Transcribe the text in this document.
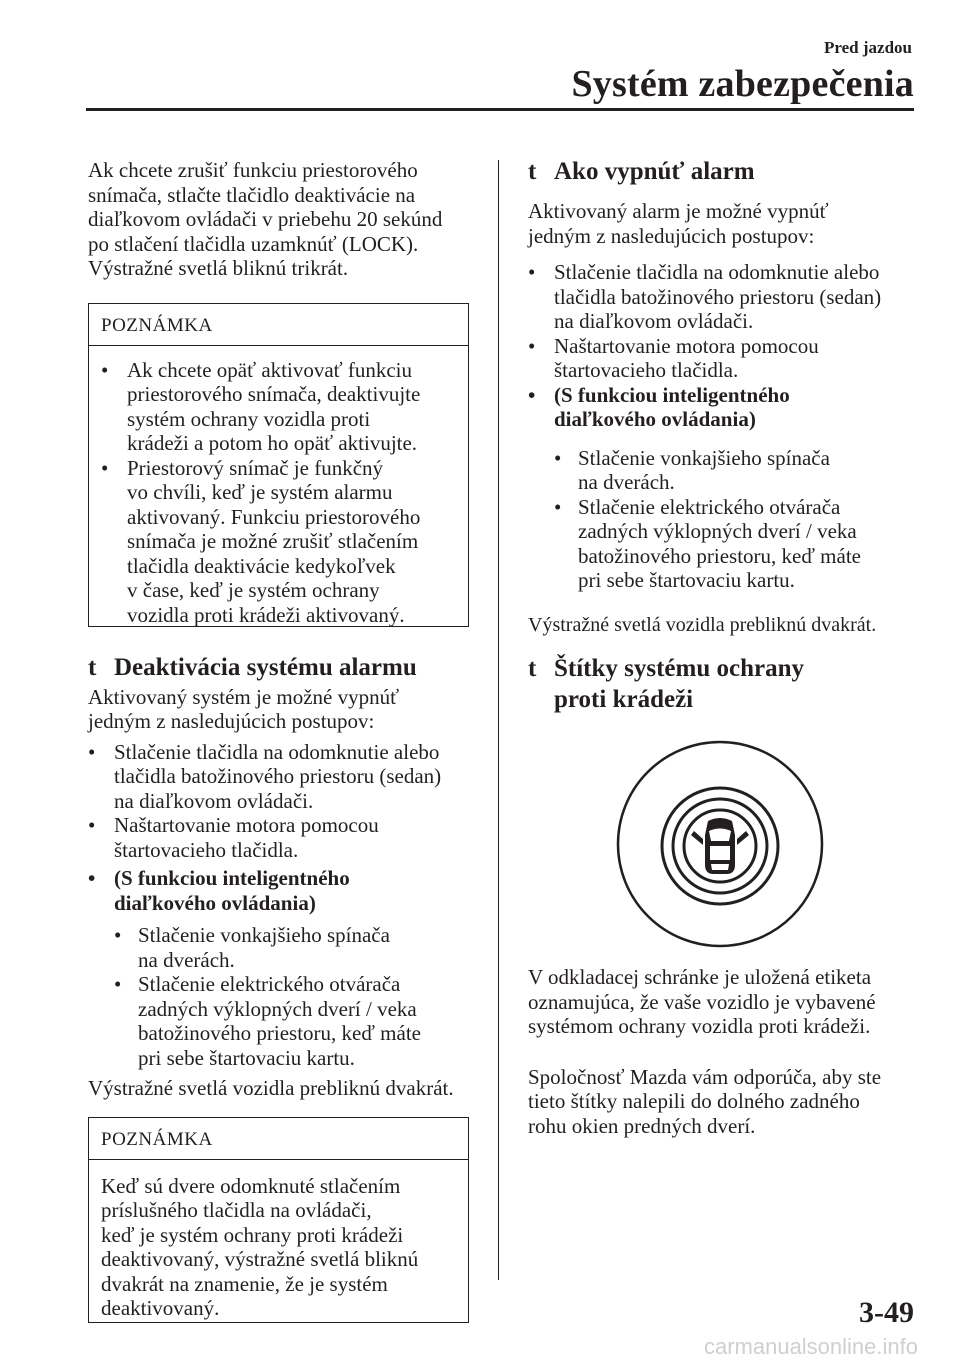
Pred jazdou
Systém zabezpečenia

Ak chcete zrušiť funkciu priestorového
snímača, stlačte tlačidlo deaktivácie na
diaľkovom ovládači v priebehu 20 sekúnd
po stlačení tlačidla uzamknúť (LOCK).
Výstražné svetlá bliknú trikrát.

POZNÁMKA
• Ak chcete opäť aktivovať funkciu
priestorového snímača, deaktivujte
systém ochrany vozidla proti
krádeži a potom ho opäť aktivujte.
• Priestorový snímač je funkčný
vo chvíli, keď je systém alarmu
aktivovaný. Funkciu priestorového
snímača je možné zrušiť stlačením
tlačidla deaktivácie kedykoľvek
v čase, keď je systém ochrany
vozidla proti krádeži aktivovaný.
t Deaktivácia systému alarmu

Aktivovaný systém je možné vypnúť
jedným z nasledujúcich postupov:

• Stlačenie tlačidla na odomknutie alebo
tlačidla batožinového priestoru (sedan)
na diaľkovom ovládači.
• Naštartovanie motora pomocou
štartovacieho tlačidla.
• (S funkciou inteligentného
diaľkového ovládania)
• Stlačenie vonkajšieho spínača
na dverách.
• Stlačenie elektrického otvárača
zadných výklopných dverí / veka
batožinového priestoru, keď máte
pri sebe štartovaciu kartu.

Výstražné svetlá vozidla prebliknú dvakrát.

POZNÁMKA
Keď sú dvere odomknuté stlačením
príslušného tlačidla na ovládači,
keď je systém ochrany proti krádeži
deaktivovaný, výstražné svetlá bliknú
dvakrát na znamenie, že je systém
deaktivovaný.
t Ako vypnúť alarm

Aktivovaný alarm je možné vypnúť
jedným z nasledujúcich postupov:

• Stlačenie tlačidla na odomknutie alebo
tlačidla batožinového priestoru (sedan)
na diaľkovom ovládači.
• Naštartovanie motora pomocou
štartovacieho tlačidla.
• (S funkciou inteligentného
diaľkového ovládania)
• Stlačenie vonkajšieho spínača
na dverách.
• Stlačenie elektrického otvárača
zadných výklopných dverí / veka
batožinového priestoru, keď máte
pri sebe štartovaciu kartu.

Výstražné svetlá vozidla prebliknú dvakrát.

t Štítky systému ochrany
proti krádeži

V odkladacej schránke je uložená etiketa
oznamujúca, že vaše vozidlo je vybavené
systémom ochrany vozidla proti krádeži.

Spoločnosť Mazda vám odporúča, aby ste
tieto štítky nalepili do dolného zadného
rohu okien predných dverí.

3-49
carmanualsonline.info
